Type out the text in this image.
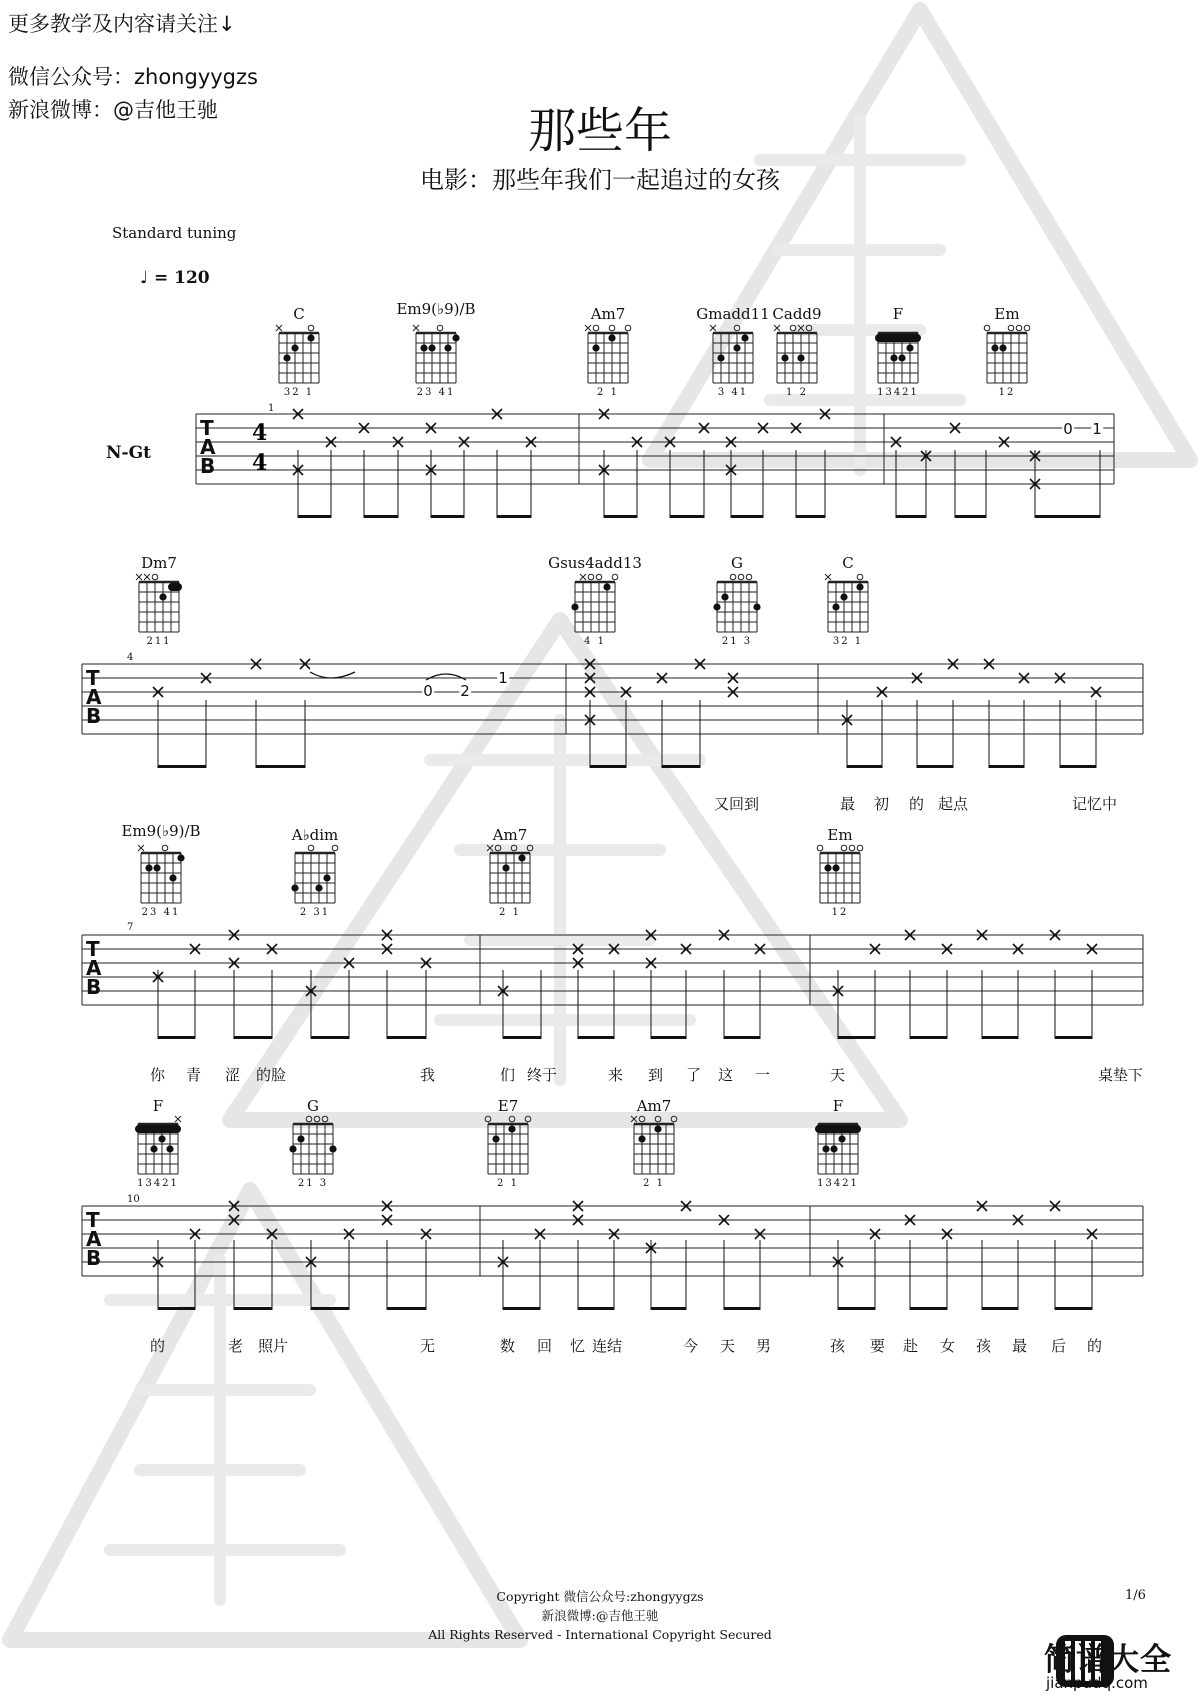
更多教学及内容请关注↓
微信公众号：zhongyygzs
新浪微博：@吉他王驰	那些年
电影：那些年我们一起追过的女孩
Standard tuning
♩ = 120
N-Gt
C	Em9(♭9)/B	Am7	Gmadd11 Cadd9	F	Em
32 1	23 41	2 1	3 41	1 2	13421	12
Dm7	Gsus4add13	G	C
211	4 1	21 3	32 1
Em9(♭9)/B	A♭dim	Am7	Em
23 41	2 31	2 1	12
F	G	E7	Am7	F
13421	21 3	2 1	2 1	13421
4
4
1
4
7
10
T
A
B
T
A
B
T
A
B
T
A
B
0 1
0 2
1
又回到	最 初 的 起点	记忆中
你 青 涩 的脸	我	们 终于	来 到 了 这 一	天	桌垫下
的	老 照片	无	数 回 忆 连结	今 天 男	孩 要 赴 女 孩 最 后 的
Copyright 微信公众号:zhongyygzs
新浪微博:@吉他王驰
All Rights Reserved - International Copyright Secured
1/6
简谱大全
jianpudq.com
